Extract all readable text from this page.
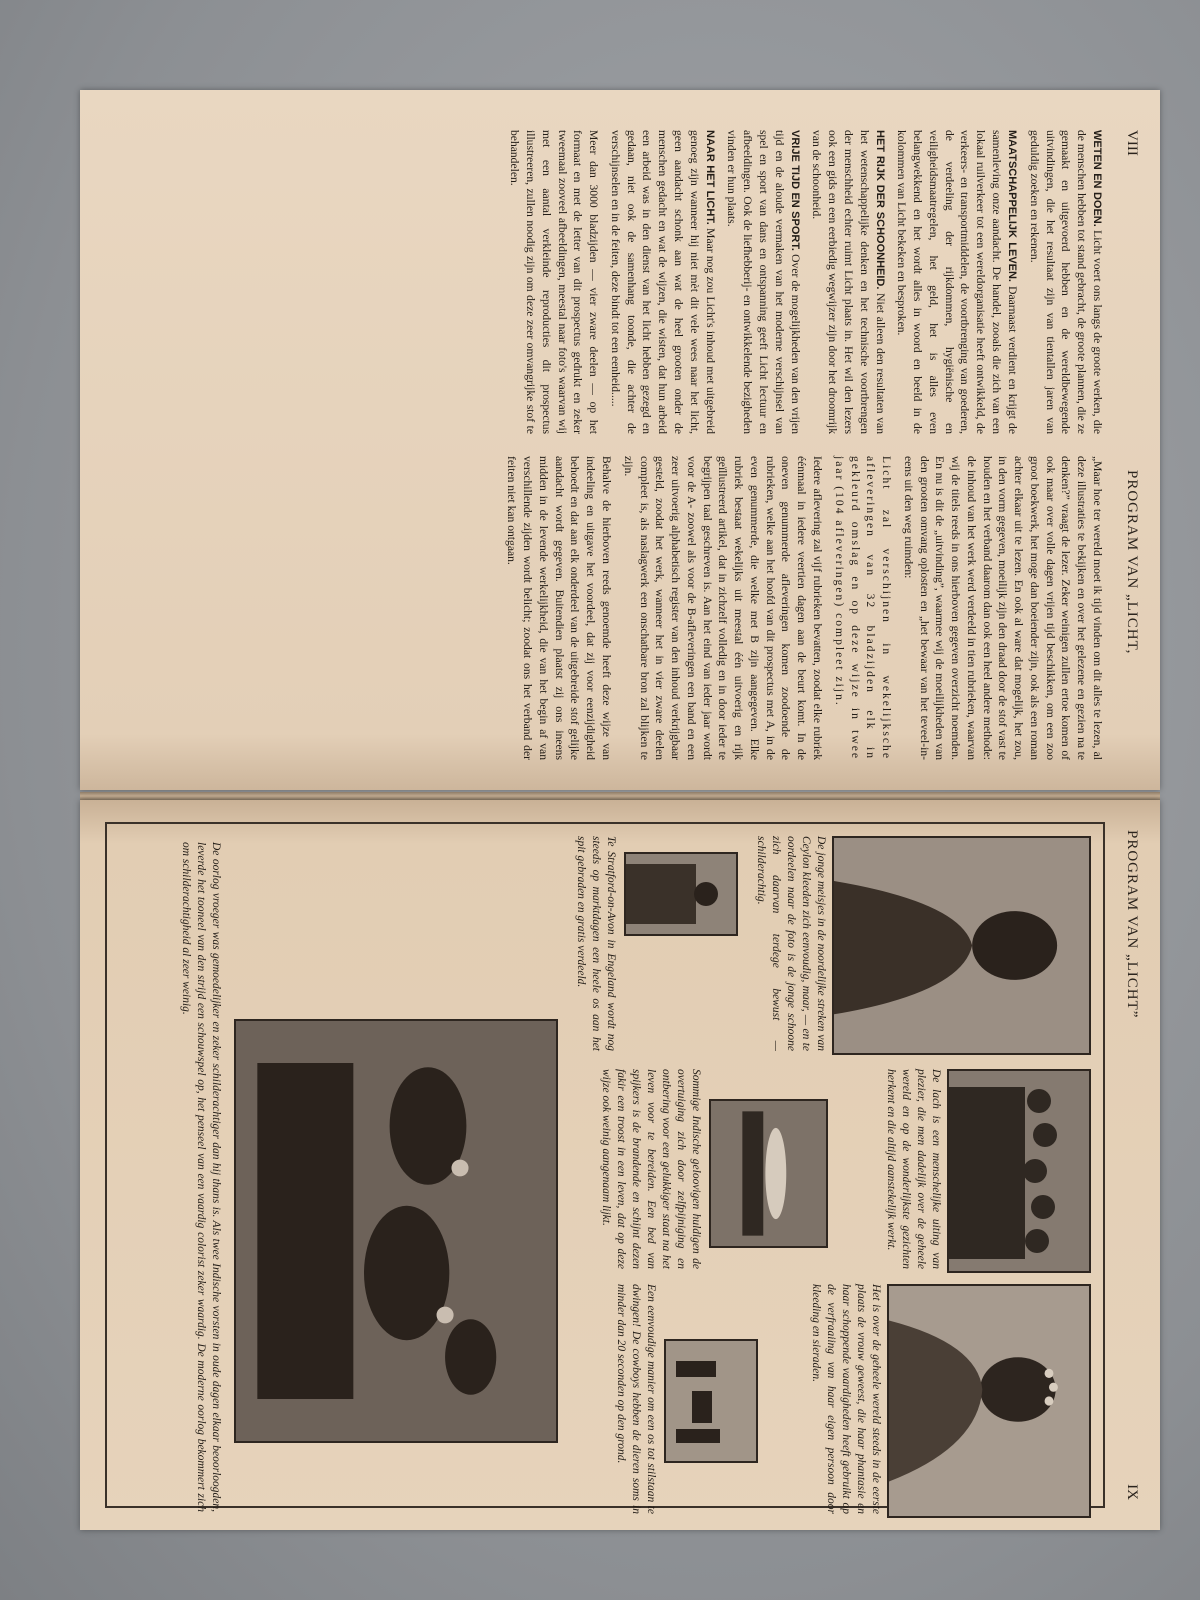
PROGRAM VAN „LICHT,
VIII

WETEN EN DOEN. Licht voert ons langs de groote werken, die de menschen hebben tot stand gebracht, de groote plannen, die ze gemaakt en uitgevoerd hebben en de wereldbewegende uitvindingen, die het resultaat zijn van tientallen jaren van geduldig zoeken en rekenen.

MAATSCHAPPELIJK LEVEN. Daarnaast verdient en krijgt de samenleving onze aandacht. De handel, zooals die zich van een lokaal ruilverkeer tot een wereldorganisatie heeft ontwikkeld, de verkeers- en transportmiddelen, de voortbrenging van goederen, de verdeeling der rijkdommen, hygiënische en veiligheidsmaatregelen, het geld, het is alles even belangwekkend en het wordt alles in woord en beeld in de kolommen van Licht bekeken en besproken.

HET RIJK DER SCHOONHEID. Niet alleen den resultaten van het wetenschappelijke denken en het technische voortbrengen der menschheid echter ruimt Licht plaats in. Het wil den lezers ook een gids en een eerbiedig wegwijzer zijn door het droomrijk van de schoonheid.

VRIJE TIJD EN SPORT. Over de mogelijkheden van den vrijen tijd en de aloude vermaken van het moderne verschijnsel van spel en sport van dans en ontspanning geeft Licht lectuur en afbeeldingen. Ook de liefhebberij- en ontwikkelende bezigheden vinden er hun plaats.

NAAR HET LICHT. Maar nog zou Licht's inhoud met uitgebreid genoeg zijn wanneer hij niet mèt dit vele wees naar het licht, geen aandacht schonk aan wat de heel grooten onder de menschen gedacht en wat de wijzen, die wisten, dat hun arbeid een arbeid was in den dienst van het licht hebben gezegd en gedaan, niet ook de samenhang toonde, die achter de verschijnselen en in de feiten, deze bindt tot een eenheid.....

Meer dan 3000 bladzijden — vier zware deelen — op het formaat en met de letter van dit prospectus gedrukt en zeker tweemaal zooveel afbeeldingen, meestal naar foto's waarvan wij met een aantal verkleinde reproducties dit prospectus illustreeren, zullen noodig zijn om deze zeer omvangrijke stof te behandelen.

„Maar hoe ter wereld moet ik tijd vinden om dit alles te lezen, al deze illustraties te bekijken en over het gelezene en gezien na te denken?” vraagt de lezer. Zeker weinigen zullen ertoe komen of ook maar over volle dagen vrijen tijd beschikken, om een zoo groot boekwerk, het moge dan boeiender zijn, ook als een roman achter elkaar uit te lezen. En ook al ware dat mogelijk, het zou, in den vorm gegeven, moeilijk zijn den draad door de stof vast te houden en het verband daarom dan ook een heel andere methode: de inhoud van het werk werd verdeeld in tien rubrieken, waarvan wij de titels reeds in ons hierboven gegeven overzicht noemden. En nu is dit de „uitvinding”, waarmee wij de moeilijkheden van den grooten omvang oplosten en „het bewaar van het teveel-in-eens uit den weg ruimden:

Licht zal verschijnen in wekelijksche afleveringen van 32 bladzijden elk in gekleurd omslag en op deze wijze in twee jaar (104 afleveringen) compleet zijn.

Iedere aflevering zal vijf rubrieken bevatten, zoodat elke rubriek éénmaal in iedere veertien dagen aan de beurt komt. In de oneven genummerde afleveringen komen zoodoende de rubrieken, welke aan het hoofd van dit prospectus met A, in de even genummerde, die welke met B zijn aangegeven. Elke rubriek bestaat wekelijks uit meestal één uitvoerig en rijk geïllustreerd artikel, dat in zichzelf volledig en in door ieder te begrijpen taal geschreven is. Aan het eind van ieder jaar wordt voor de A- zoowel als voor de B-afleveringen een band en een zeer uitvoerig alphabetisch register van den inhoud verkrijgbaar gesteld, zoodat het werk, wanneer het in vier zware deelen compleet is, als naslagwerk een onschatbare bron zal blijken te zijn.

Behalve de hierboven reeds genoemde heeft deze wijze van indeeling en uitgave het voordeel, dat zij voor eenzijdigheid behoedt en dat aan elk onderdeel van de uitgebreide stof gelijke aandacht wordt gegeven. Buitendien plaatst zij ons ineens midden in de levende werkelijkheid, die van het begin af van verschillende zijden wordt belicht; zoodat ons het verband der feiten niet kan ontgaan.

PROGRAM VAN „LICHT”
IX
De jonge meisjes in de noordelijke streken van Ceylon kleeden zich eenvoudig, maar, — en te oordeelen naar de foto is de jonge schoone zich daarvan terdege bewust — schilderachtig.
De lach is een menschelijke uiting van plezier, die men dadelijk over de geheele wereld en op de wonderlijkste gezichten herkent en die altijd aanstekelijk werkt.
Het is over de geheele wereld steeds in de eerste plaats de vrouw geweest, die haar phantasie en haar schoppende vaardigheden heeft gebruikt op de verfraaiing van haar eigen persoon door kleeding en sieraden.
Te Stratford-on-Avon in Engeland wordt nog steeds op marktdagen een heele os aan het spit gebraden en gratis verdeeld.
Sommige Indische geloovigen huldigen de overtuiging zich door zelfpijniging en ontbering voor een gelukkiger staat na het leven voor te bereiden. Een bed van spijkers is de brandende en schijnt dezen fakir een troost in een leven, dat op deze wijze ook weinig aangenaam lijkt.
Een eenvoudige manier om een os tot stilstaan te dwingen! De cowboys hebben de dieren soms in minder dan 20 seconden op den grond.
De oorlog vroeger was gemoedelijker en zeker schilderachtiger dan hij thans is. Als twee Indische vorsten in oude dagen elkaar beoorloogden, leverde het tooneel van den strijd een schouwspel op, het penseel van een vaardig colorist zeker waardig. De moderne oorlog bekommert zich om schilderachtigheid al zeer weinig.
